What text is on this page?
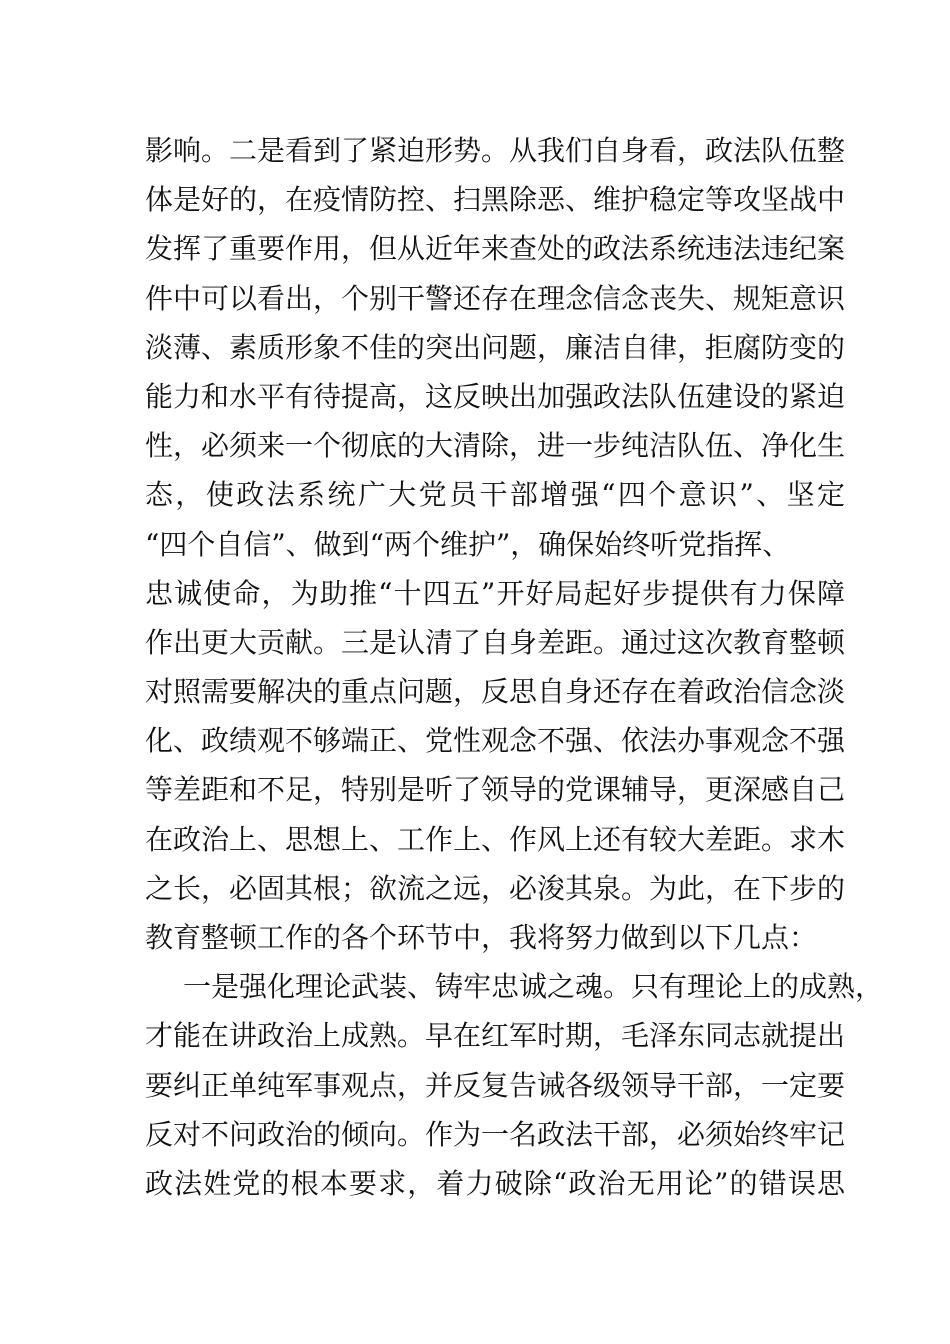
影响。二是看到了紧迫形势。从我们自身看，政法队伍整
体是好的，在疫情防控、扫黑除恶、维护稳定等攻坚战中
发挥了重要作用，但从近年来查处的政法系统违法违纪案
件中可以看出，个别干警还存在理念信念丧失、规矩意识
淡薄、素质形象不佳的突出问题，廉洁自律，拒腐防变的
能力和水平有待提高，这反映出加强政法队伍建设的紧迫
性，必须来一个彻底的大清除，进一步纯洁队伍、净化生
态，使政法系统广大党员干部增强“四个意识”、坚定
“四个自信”、做到“两个维护”，确保始终听党指挥、
忠诚使命，为助推“十四五”开好局起好步提供有力保障
作出更大贡献。三是认清了自身差距。通过这次教育整顿
对照需要解决的重点问题，反思自身还存在着政治信念淡
化、政绩观不够端正、党性观念不强、依法办事观念不强
等差距和不足，特别是听了领导的党课辅导，更深感自己
在政治上、思想上、工作上、作风上还有较大差距。求木
之长，必固其根；欲流之远，必浚其泉。为此，在下步的
教育整顿工作的各个环节中，我将努力做到以下几点：
一是强化理论武装、铸牢忠诚之魂。只有理论上的成熟，
才能在讲政治上成熟。早在红军时期，毛泽东同志就提出
要纠正单纯军事观点，并反复告诫各级领导干部，一定要
反对不问政治的倾向。作为一名政法干部，必须始终牢记
政法姓党的根本要求，着力破除“政治无用论”的错误思
